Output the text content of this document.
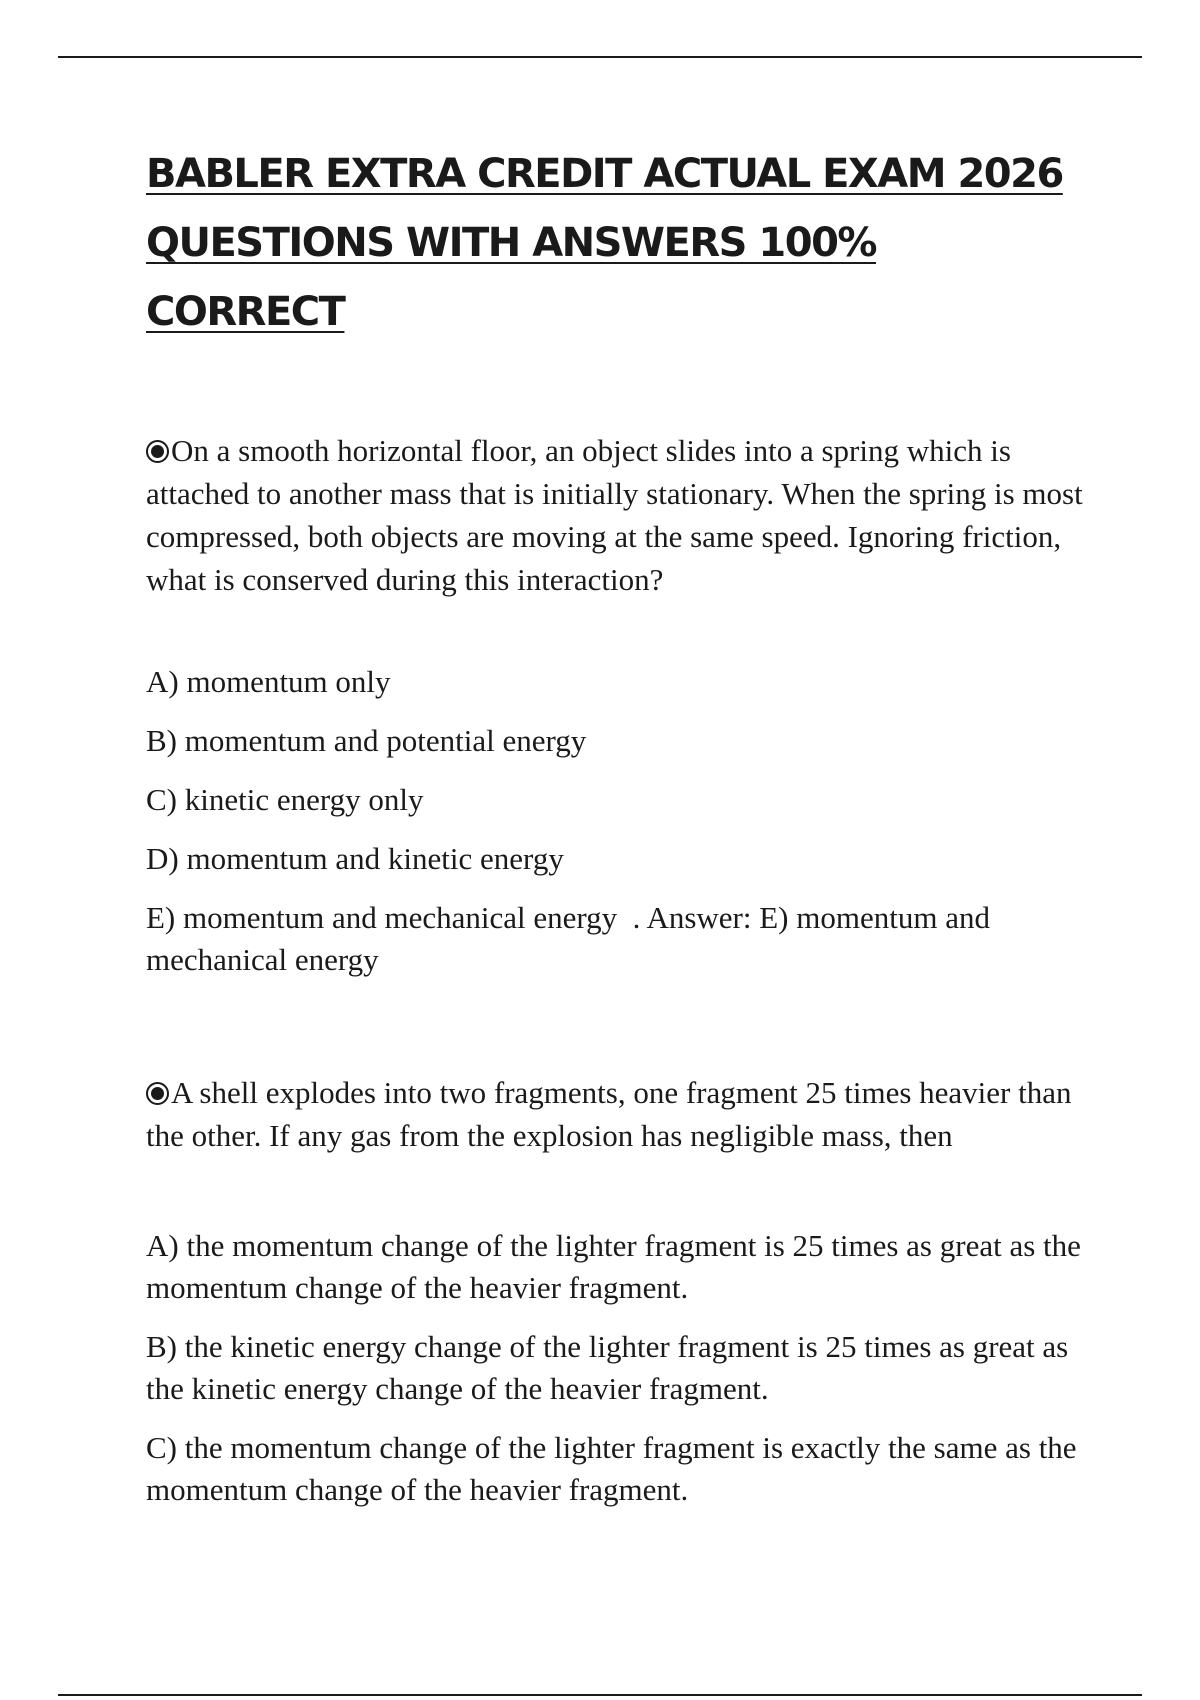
BABLER EXTRA CREDIT ACTUAL EXAM 2026 QUESTIONS WITH ANSWERS 100% CORRECT

On a smooth horizontal floor, an object slides into a spring which is attached to another mass that is initially stationary. When the spring is most compressed, both objects are moving at the same speed. Ignoring friction, what is conserved during this interaction?

A) momentum only
B) momentum and potential energy
C) kinetic energy only
D) momentum and kinetic energy
E) momentum and mechanical energy  . Answer: E) momentum and mechanical energy

A shell explodes into two fragments, one fragment 25 times heavier than the other. If any gas from the explosion has negligible mass, then

A) the momentum change of the lighter fragment is 25 times as great as the momentum change of the heavier fragment.
B) the kinetic energy change of the lighter fragment is 25 times as great as the kinetic energy change of the heavier fragment.
C) the momentum change of the lighter fragment is exactly the same as the momentum change of the heavier fragment.
